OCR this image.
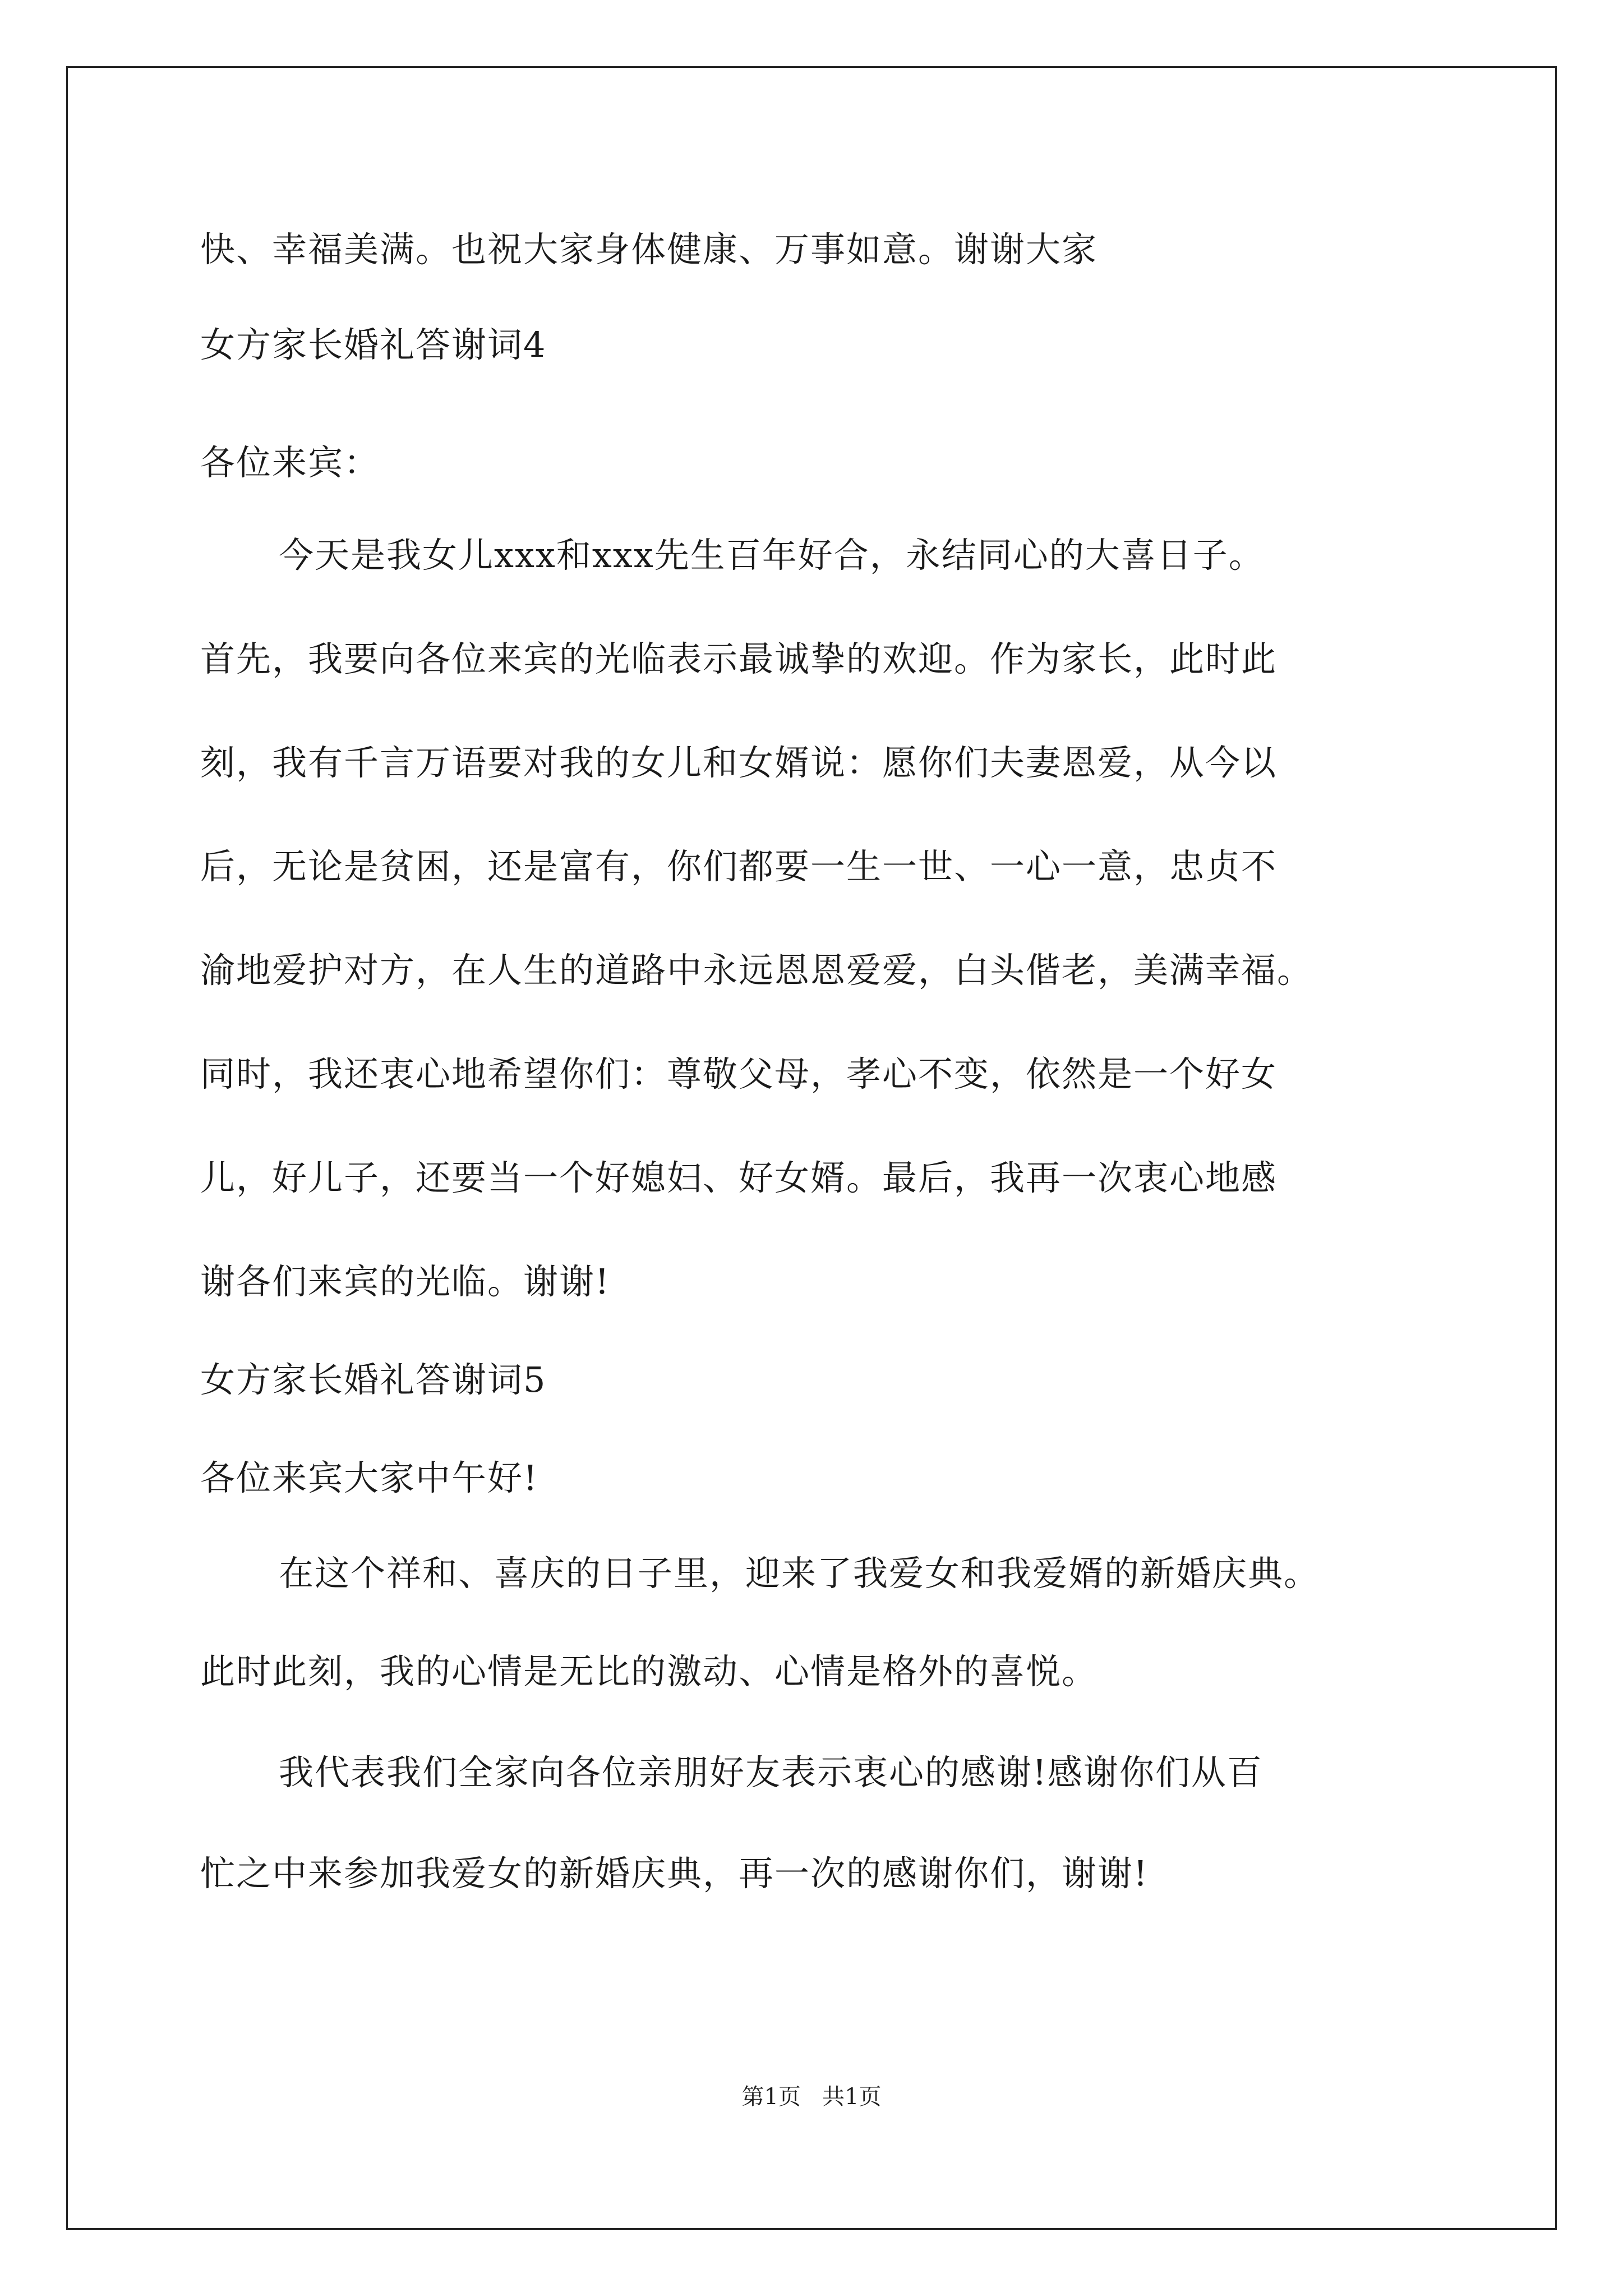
快、幸福美满。也祝大家身体健康、万事如意。谢谢大家
女方家长婚礼答谢词4
各位来宾：
今天是我女儿xxx和xxx先生百年好合，永结同心的大喜日子。
首先，我要向各位来宾的光临表示最诚挚的欢迎。作为家长，此时此
刻，我有千言万语要对我的女儿和女婿说：愿你们夫妻恩爱，从今以
后，无论是贫困，还是富有，你们都要一生一世、一心一意，忠贞不
渝地爱护对方，在人生的道路中永远恩恩爱爱，白头偕老，美满幸福。
同时，我还衷心地希望你们：尊敬父母，孝心不变，依然是一个好女
儿，好儿子，还要当一个好媳妇、好女婿。最后，我再一次衷心地感
谢各们来宾的光临。谢谢!
女方家长婚礼答谢词5
各位来宾大家中午好!
在这个祥和、喜庆的日子里，迎来了我爱女和我爱婿的新婚庆典。
此时此刻，我的心情是无比的激动、心情是格外的喜悦。
我代表我们全家向各位亲朋好友表示衷心的感谢!感谢你们从百
忙之中来参加我爱女的新婚庆典，再一次的感谢你们，谢谢!
第1页   共1页
